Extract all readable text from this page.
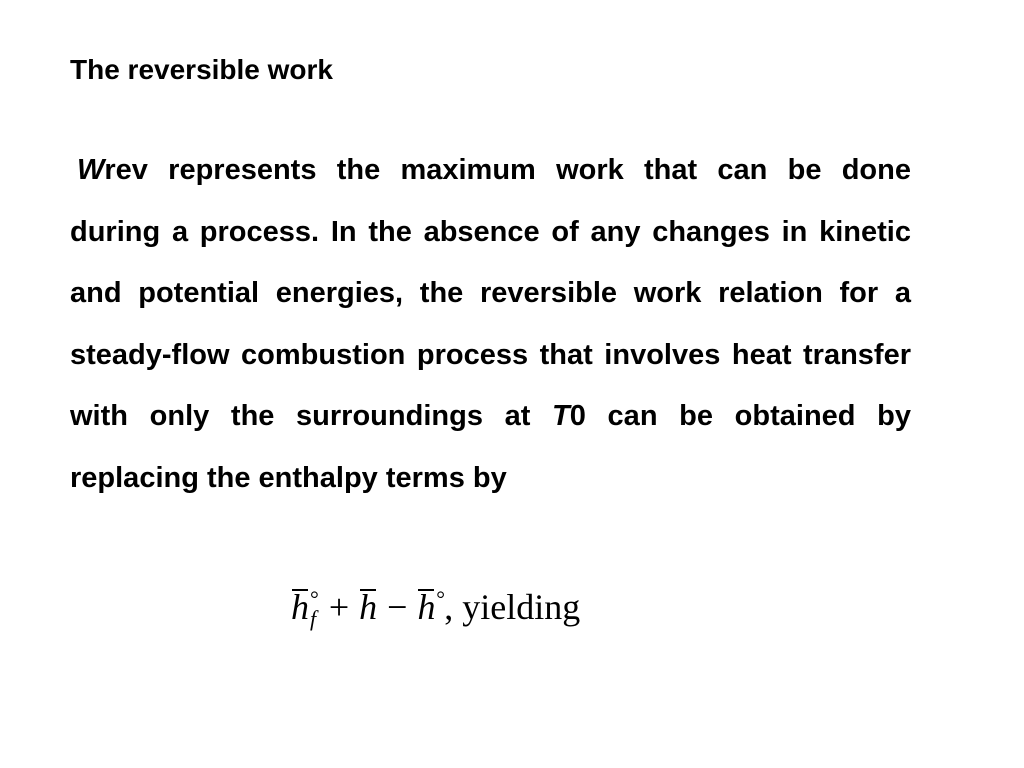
The reversible work

Wrev represents the maximum work that can be done during a process. In the absence of any changes in kinetic and potential energies, the reversible work relation for a steady-flow combustion process that involves heat transfer with only the surroundings at T0 can be obtained by replacing the enthalpy terms by

h °
f + h − h°, yielding
